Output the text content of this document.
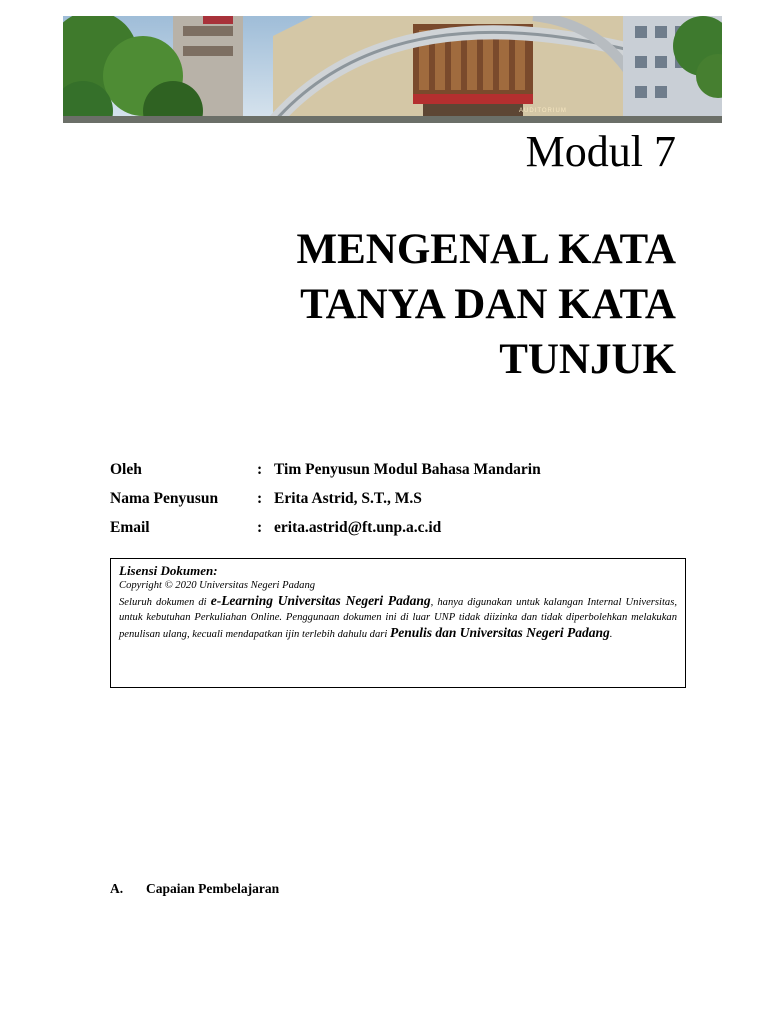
AUDITORIUM
Modul 7
MENGENAL KATA
TANYA DAN KATA
TUNJUK
Oleh	: Tim Penyusun Modul Bahasa Mandarin
Nama Penyusun	: Erita Astrid, S.T., M.S
Email	: erita.astrid@ft.unp.a.c.id
Lisensi Dokumen:
Copyright © 2020 Universitas Negeri Padang
Seluruh dokumen di e-Learning Universitas Negeri Padang, hanya digunakan untuk kalangan Internal Universitas, untuk kebutuhan Perkuliahan Online. Penggunaan dokumen ini di luar UNP tidak diizinka dan tidak diperbolehkan melakukan penulisan ulang, kecuali mendapatkan ijin terlebih dahulu dari Penulis dan Universitas Negeri Padang.
A. Capaian Pembelajaran
